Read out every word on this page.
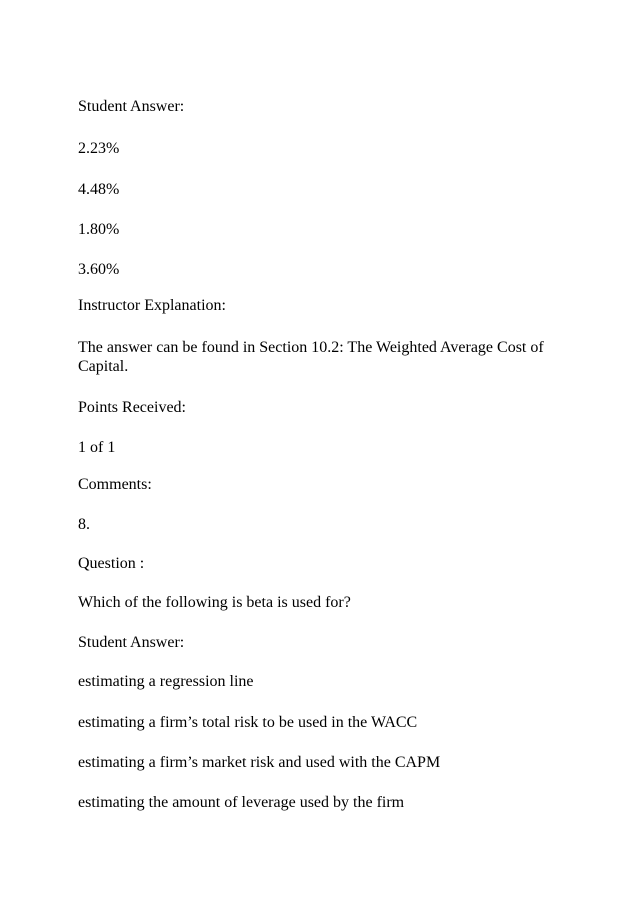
Student Answer:
2.23%
4.48%
1.80%
3.60%
Instructor Explanation:
The answer can be found in Section 10.2: The Weighted Average Cost of Capital.
Points Received:
1 of 1
Comments:
8.
Question :
Which of the following is beta is used for?
Student Answer:
estimating a regression line
estimating a firm’s total risk to be used in the WACC
estimating a firm’s market risk and used with the CAPM
estimating the amount of leverage used by the firm
